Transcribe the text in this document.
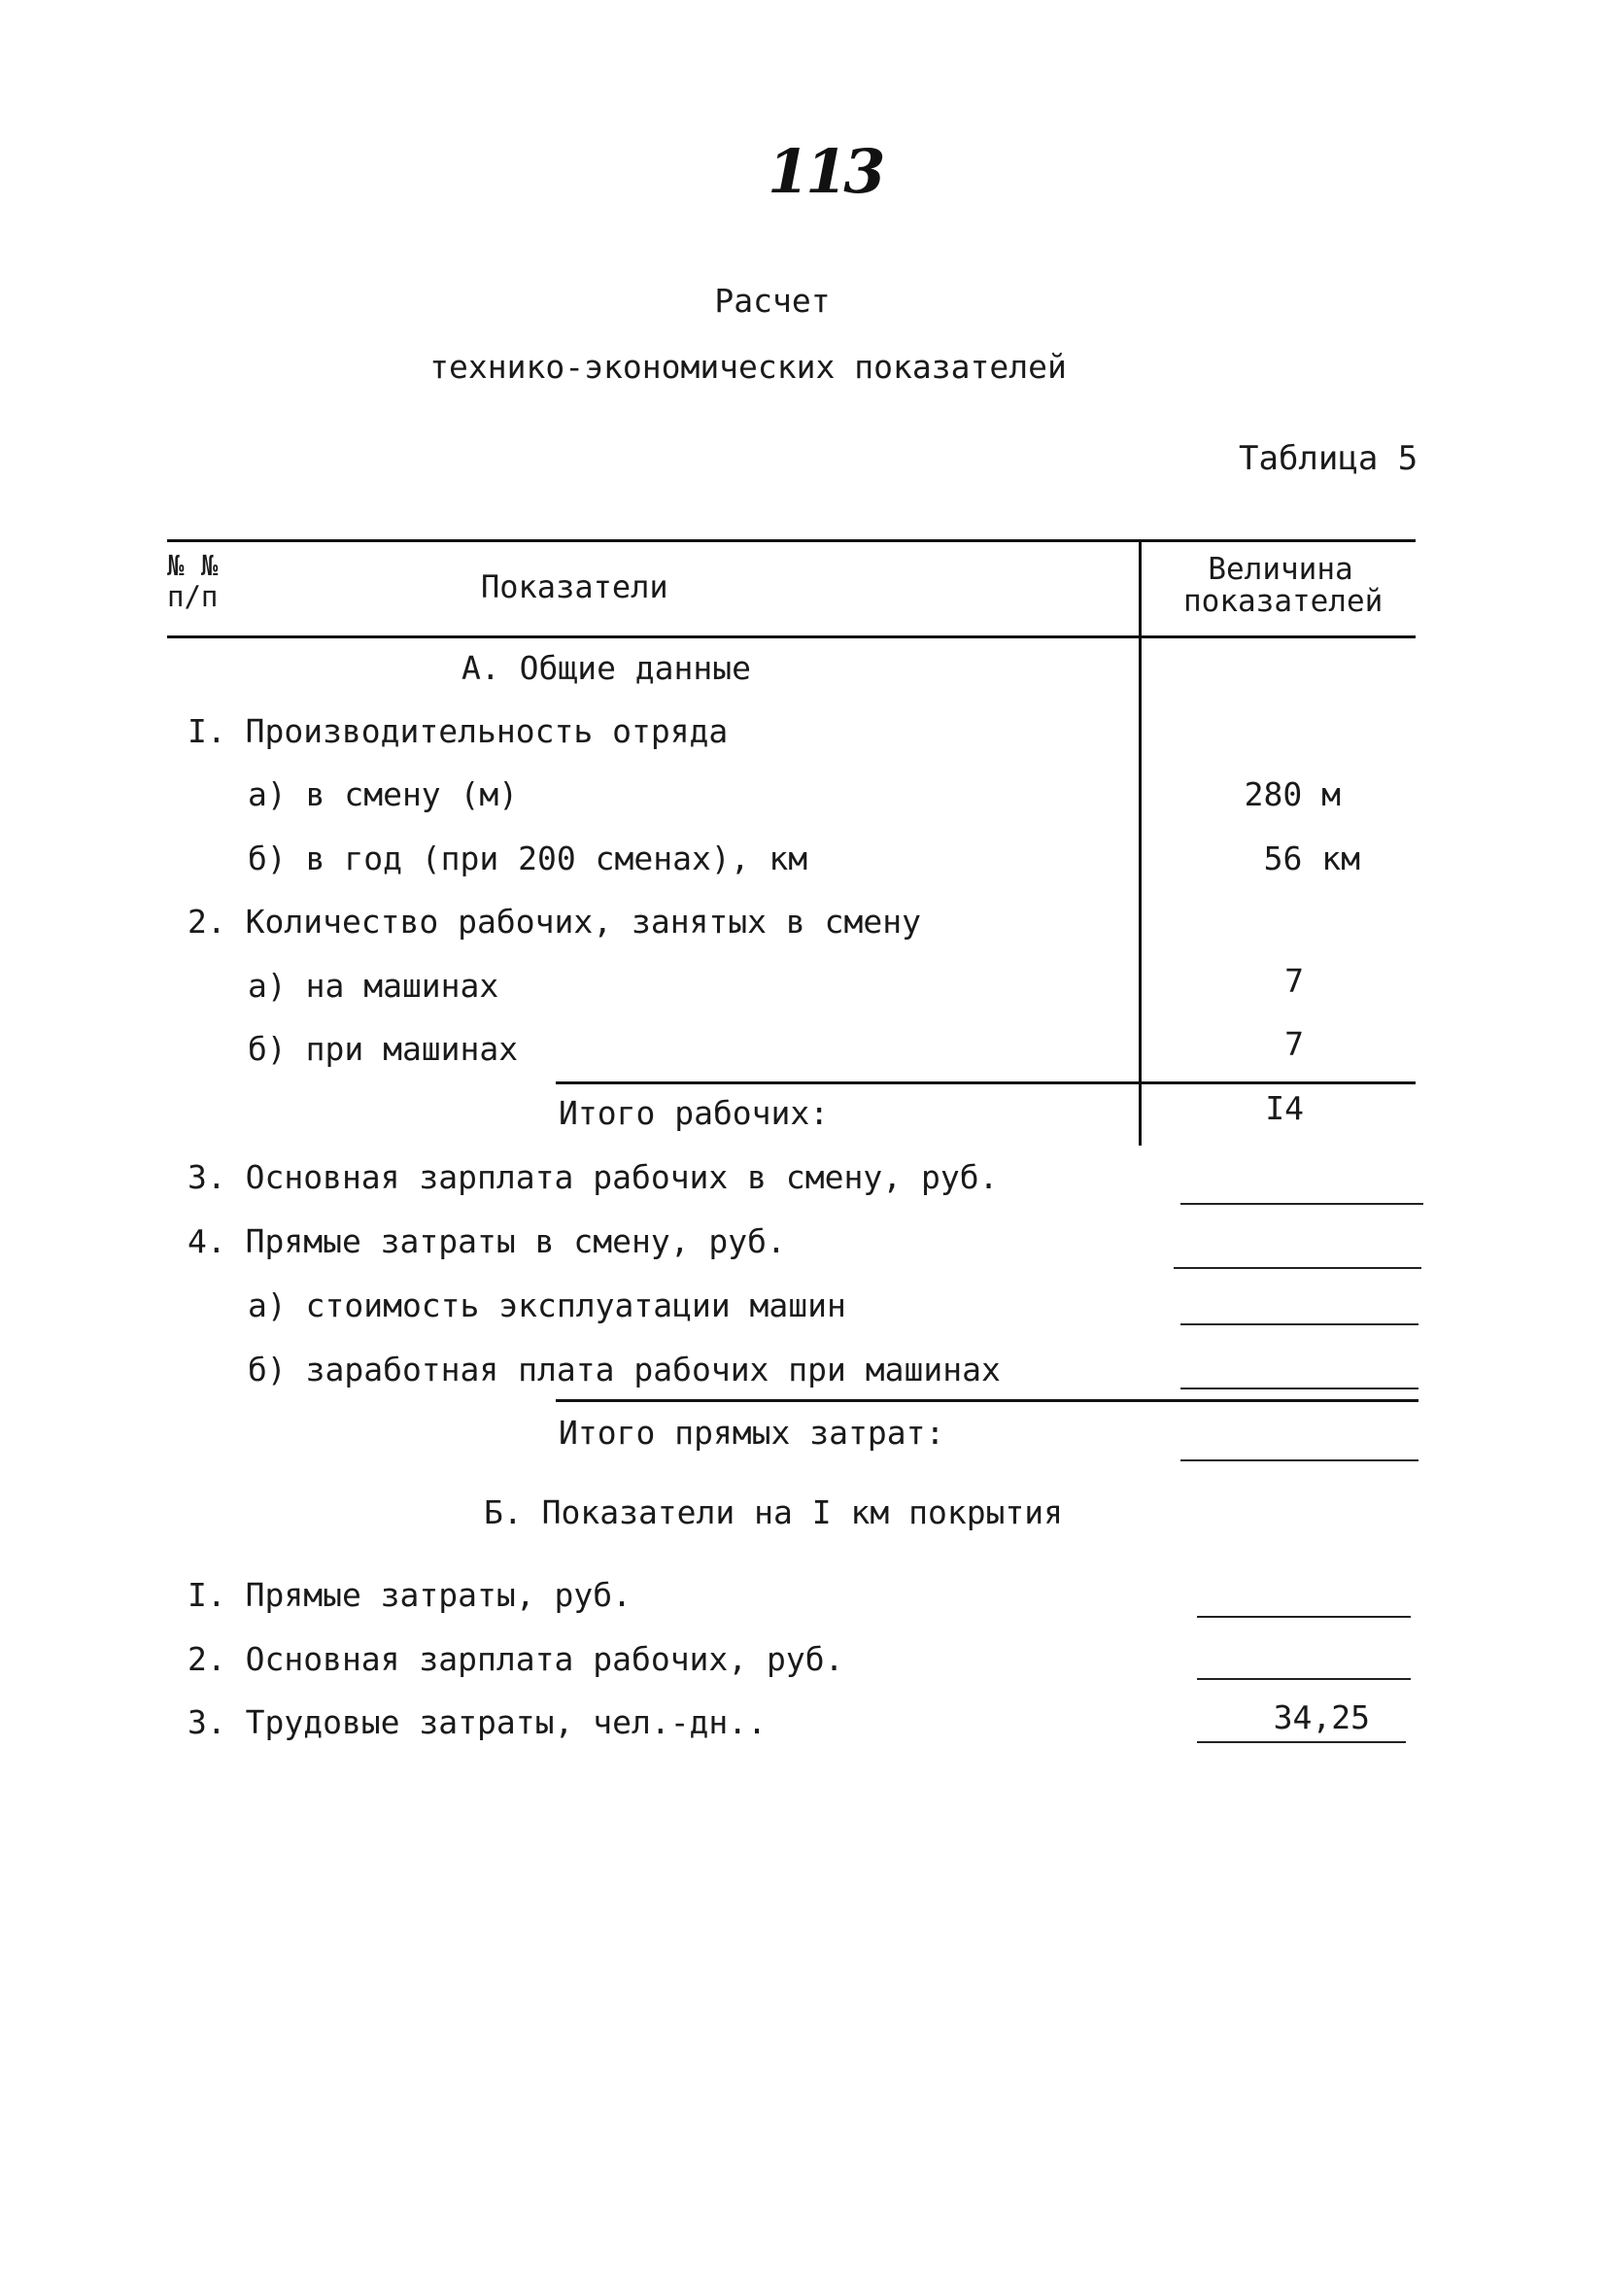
113
Расчет
технико-экономических показателей
Таблица 5
№ №
п/п	Показатели	Величина
показателей
А. Общие данные
I. Производительность отряда
а) в смену (м)	280 м
б) в год (при 200 сменах), км	56 км
2. Количество рабочих, занятых в смену
а) на машинах	7
б) при машинах	7
Итого рабочих:	I4
3. Основная зарплата рабочих в смену, руб.
4. Прямые затраты в смену, руб.
а) стоимость эксплуатации машин
б) заработная плата рабочих при машинах
Итого прямых затрат:
Б. Показатели на I км покрытия
I. Прямые затраты, руб.
2. Основная зарплата рабочих, руб.
3. Трудовые затраты, чел.-дн..	34,25
